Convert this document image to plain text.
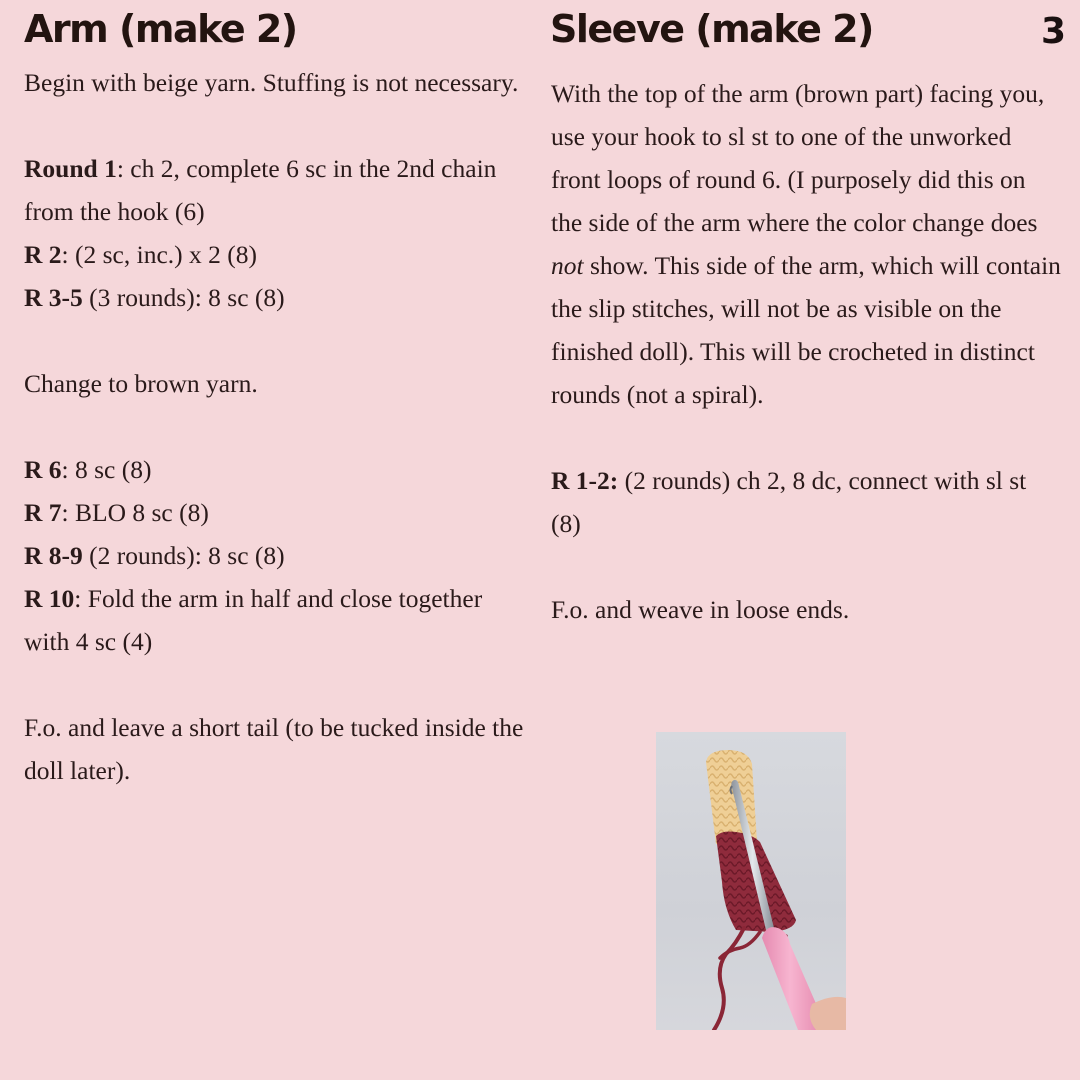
Arm (make 2)	Sleeve (make 2)	3

Begin with beige yarn. Stuffing is not necessary.

Round 1: ch 2, complete 6 sc in the 2nd chain from the hook (6)

R 2: (2 sc, inc.) x 2 (8)

R 3-5 (3 rounds): 8 sc (8)

Change to brown yarn.

R 6: 8 sc (8)

R 7: BLO 8 sc (8)

R 8-9 (2 rounds): 8 sc (8)

R 10: Fold the arm in half and close together with 4 sc (4)

F.o. and leave a short tail (to be tucked inside the doll later).

With the top of the arm (brown part) facing you, use your hook to sl st to one of the unworked front loops of round 6. (I purposely did this on the side of the arm where the color change does not show. This side of the arm, which will contain the slip stitches, will not be as visible on the finished doll). This will be crocheted in distinct rounds (not a spiral).

R 1-2: (2 rounds) ch 2, 8 dc, connect with sl st (8)

F.o. and weave in loose ends.
